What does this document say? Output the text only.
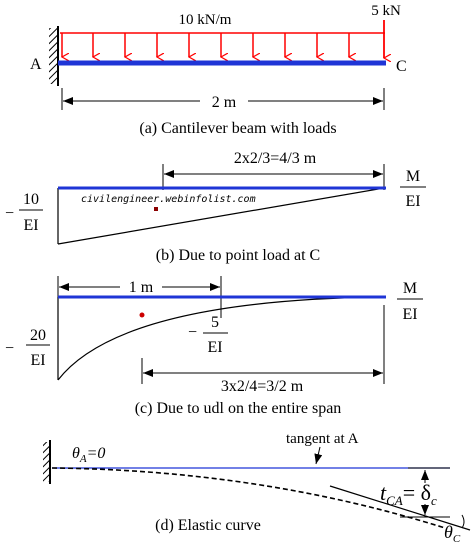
10 kN/m
5 kN
A	C
2 m
(a) Cantilever beam with loads
2x2/3=4/3 m
civilengineer.webinfolist.com
−
10
EI
M
EI
(b) Due to point load at C
1 m
−
20
EI
−
5
EI
M
EI
3x2/4=3/2 m
(c) Due to udl on the entire span
$\theta_A=0$
tangent at A
$t_{CA}= \delta_c$
$\theta_C$
(d) Elastic curve
